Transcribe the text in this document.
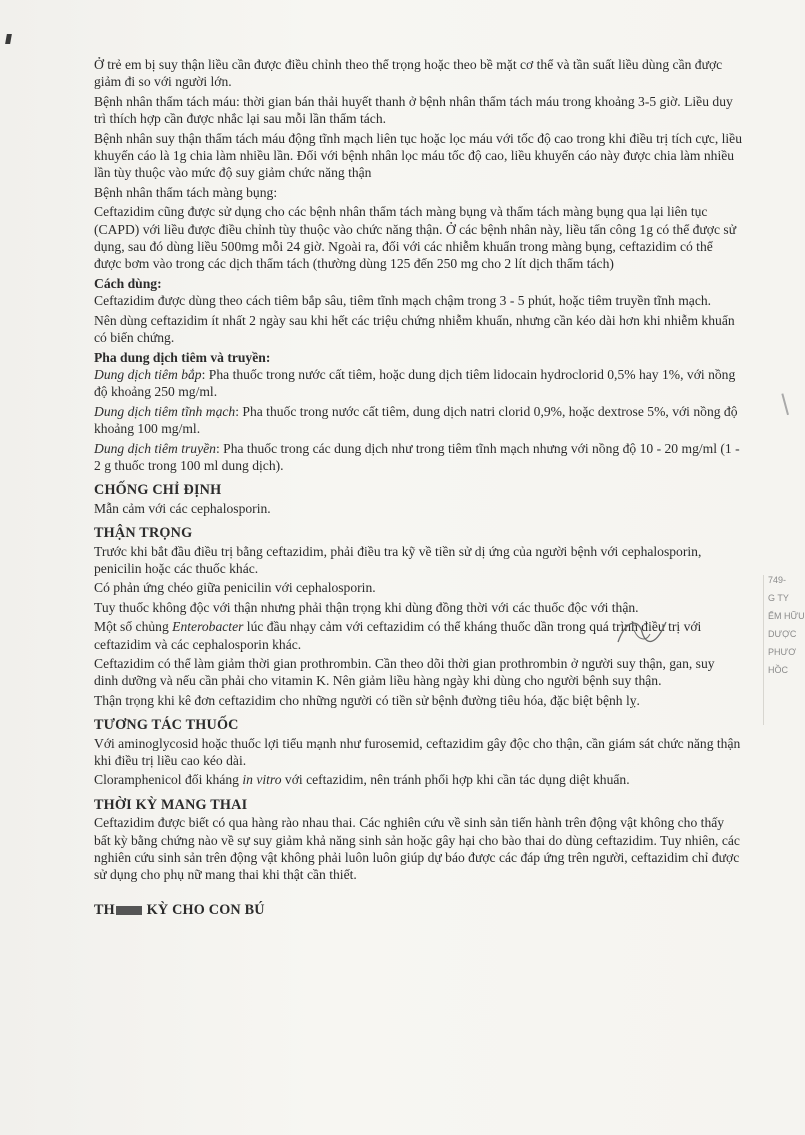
Ở trẻ em bị suy thận liều cần được điều chỉnh theo thể trọng hoặc theo bề mặt cơ thể và tần suất liều dùng cần được giảm đi so với người lớn.

Bệnh nhân thẩm tách máu: thời gian bán thải huyết thanh ở bệnh nhân thẩm tách máu trong khoảng 3-5 giờ. Liều duy trì thích hợp cần được nhắc lại sau mỗi lần thẩm tách.

Bệnh nhân suy thận thẩm tách máu động tĩnh mạch liên tục hoặc lọc máu với tốc độ cao trong khi điều trị tích cực, liều khuyến cáo là 1g chia làm nhiều lần. Đối với bệnh nhân lọc máu tốc độ cao, liều khuyến cáo này được chia làm nhiều lần tùy thuộc vào mức độ suy giảm chức năng thận

Bệnh nhân thẩm tách màng bụng:

Ceftazidim cũng được sử dụng cho các bệnh nhân thẩm tách màng bụng và thẩm tách màng bụng qua lại liên tục (CAPD) với liều được điều chỉnh tùy thuộc vào chức năng thận. Ở các bệnh nhân này, liều tấn công 1g có thể được sử dụng, sau đó dùng liều 500mg mỗi 24 giờ. Ngoài ra, đối với các nhiễm khuẩn trong màng bụng, ceftazidim có thể được bơm vào trong các dịch thẩm tách (thường dùng 125 đến 250 mg cho 2 lít dịch thẩm tách)

Cách dùng:

Ceftazidim được dùng theo cách tiêm bắp sâu, tiêm tĩnh mạch chậm trong 3 - 5 phút, hoặc tiêm truyền tĩnh mạch.

Nên dùng ceftazidim ít nhất 2 ngày sau khi hết các triệu chứng nhiễm khuẩn, nhưng cần kéo dài hơn khi nhiễm khuẩn có biến chứng.

Pha dung dịch tiêm và truyền:

Dung dịch tiêm bắp: Pha thuốc trong nước cất tiêm, hoặc dung dịch tiêm lidocain hydroclorid 0,5% hay 1%, với nồng độ khoảng 250 mg/ml.

Dung dịch tiêm tĩnh mạch: Pha thuốc trong nước cất tiêm, dung dịch natri clorid 0,9%, hoặc dextrose 5%, với nồng độ khoảng 100 mg/ml.

Dung dịch tiêm truyền: Pha thuốc trong các dung dịch như trong tiêm tĩnh mạch nhưng với nồng độ 10 - 20 mg/ml (1 - 2 g thuốc trong 100 ml dung dịch).

CHỐNG CHỈ ĐỊNH

Mẫn cảm với các cephalosporin.

THẬN TRỌNG

Trước khi bắt đầu điều trị bằng ceftazidim, phải điều tra kỹ về tiền sử dị ứng của người bệnh với cephalosporin, penicilin hoặc các thuốc khác.

Có phản ứng chéo giữa penicilin với cephalosporin.

Tuy thuốc không độc với thận nhưng phải thận trọng khi dùng đồng thời với các thuốc độc với thận.

Một số chủng Enterobacter lúc đầu nhạy cảm với ceftazidim có thể kháng thuốc dần trong quá trình điều trị với ceftazidim và các cephalosporin khác.

Ceftazidim có thể làm giảm thời gian prothrombin. Cần theo dõi thời gian prothrombin ở người suy thận, gan, suy dinh dưỡng và nếu cần phải cho vitamin K. Nên giảm liều hàng ngày khi dùng cho người bệnh suy thận.

Thận trọng khi kê đơn ceftazidim cho những người có tiền sử bệnh đường tiêu hóa, đặc biệt bệnh lỵ.

TƯƠNG TÁC THUỐC

Với aminoglycosid hoặc thuốc lợi tiểu mạnh như furosemid, ceftazidim gây độc cho thận, cần giám sát chức năng thận khi điều trị liều cao kéo dài.

Cloramphenicol đối kháng in vitro với ceftazidim, nên tránh phối hợp khi cần tác dụng diệt khuẩn.

THỜI KỲ MANG THAI

Ceftazidim được biết có qua hàng rào nhau thai. Các nghiên cứu về sinh sản tiến hành trên động vật không cho thấy bất kỳ bằng chứng nào về sự suy giảm khả năng sinh sản hoặc gây hại cho bào thai do dùng ceftazidim. Tuy nhiên, các nghiên cứu sinh sản trên động vật không phải luôn luôn giúp dự báo được các đáp ứng trên người, ceftazidim chỉ được sử dụng cho phụ nữ mang thai khi thật cần thiết.

TH KỲ CHO CON BÚ
749-
G TY
ẾM HỮU
DƯỢC
PHƯƠ
HỒC
